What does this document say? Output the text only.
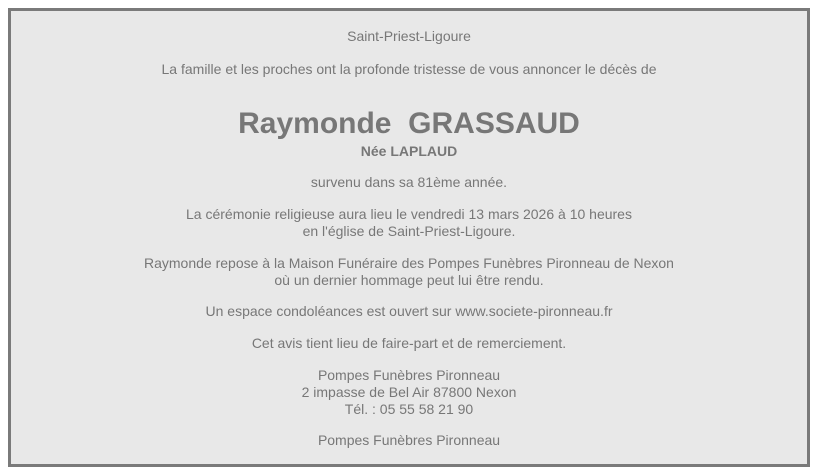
Saint-Priest-Ligoure
La famille et les proches ont la profonde tristesse de vous annoncer le décès de
Raymonde GRASSAUD
Née LAPLAUD
survenu dans sa 81ème année.
La cérémonie religieuse aura lieu le vendredi 13 mars 2026 à 10 heures
en l'église de Saint-Priest-Ligoure.
Raymonde repose à la Maison Funéraire des Pompes Funèbres Pironneau de Nexon
où un dernier hommage peut lui être rendu.
Un espace condoléances est ouvert sur www.societe-pironneau.fr
Cet avis tient lieu de faire-part et de remerciement.
Pompes Funèbres Pironneau
2 impasse de Bel Air 87800 Nexon
Tél. : 05 55 58 21 90
Pompes Funèbres Pironneau
